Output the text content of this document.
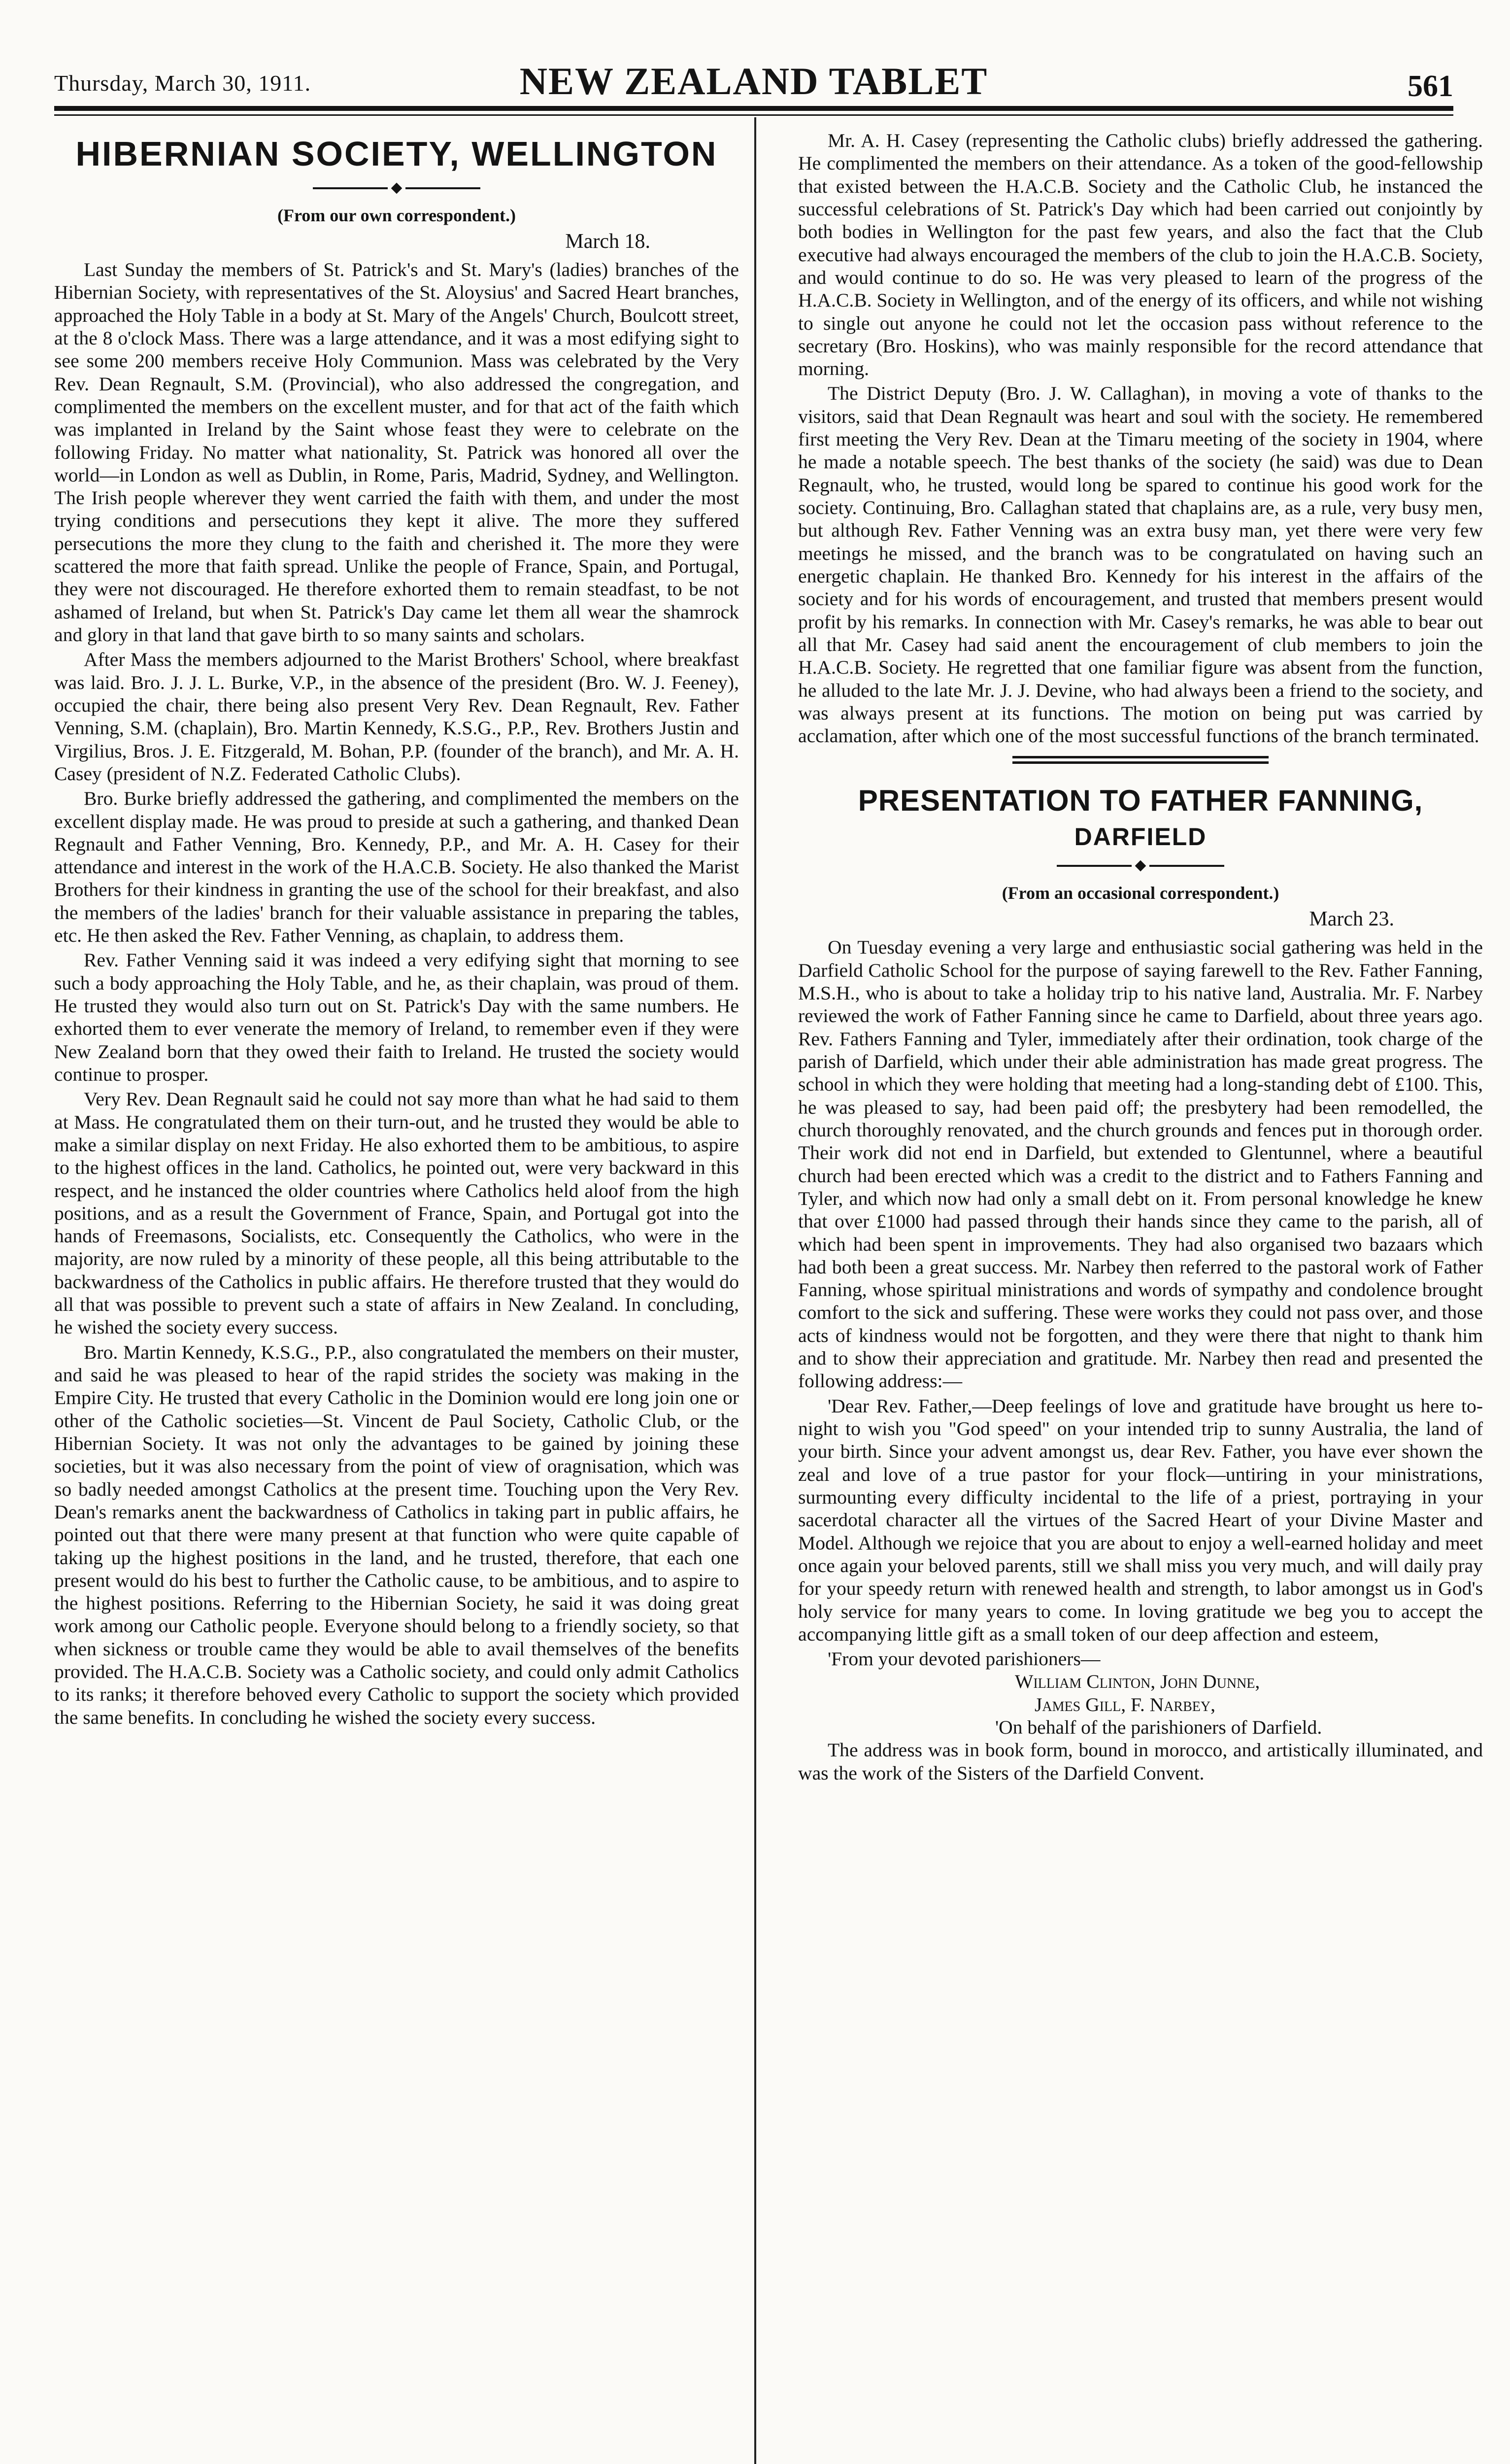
Thursday, March 30, 1911.	NEW ZEALAND TABLET	561
HIBERNIAN SOCIETY, WELLINGTON
(From our own correspondent.)
March 18.

Last Sunday the members of St. Patrick's and St. Mary's (ladies) branches of the Hibernian Society, with representatives of the St. Aloysius' and Sacred Heart branches, approached the Holy Table in a body at St. Mary of the Angels' Church, Boulcott street, at the 8 o'clock Mass. There was a large attendance, and it was a most edifying sight to see some 200 members receive Holy Communion. Mass was celebrated by the Very Rev. Dean Regnault, S.M. (Provincial), who also addressed the congregation, and complimented the members on the excellent muster, and for that act of the faith which was implanted in Ireland by the Saint whose feast they were to celebrate on the following Friday. No matter what nationality, St. Patrick was honored all over the world—in London as well as Dublin, in Rome, Paris, Madrid, Sydney, and Wellington. The Irish people wherever they went carried the faith with them, and under the most trying conditions and persecutions they kept it alive. The more they suffered persecutions the more they clung to the faith and cherished it. The more they were scattered the more that faith spread. Unlike the people of France, Spain, and Portugal, they were not discouraged. He therefore exhorted them to remain steadfast, to be not ashamed of Ireland, but when St. Patrick's Day came let them all wear the shamrock and glory in that land that gave birth to so many saints and scholars.

After Mass the members adjourned to the Marist Brothers' School, where breakfast was laid. Bro. J. J. L. Burke, V.P., in the absence of the president (Bro. W. J. Feeney), occupied the chair, there being also present Very Rev. Dean Regnault, Rev. Father Venning, S.M. (chaplain), Bro. Martin Kennedy, K.S.G., P.P., Rev. Brothers Justin and Virgilius, Bros. J. E. Fitzgerald, M. Bohan, P.P. (founder of the branch), and Mr. A. H. Casey (president of N.Z. Federated Catholic Clubs).

Bro. Burke briefly addressed the gathering, and complimented the members on the excellent display made. He was proud to preside at such a gathering, and thanked Dean Regnault and Father Venning, Bro. Kennedy, P.P., and Mr. A. H. Casey for their attendance and interest in the work of the H.A.C.B. Society. He also thanked the Marist Brothers for their kindness in granting the use of the school for their breakfast, and also the members of the ladies' branch for their valuable assistance in preparing the tables, etc. He then asked the Rev. Father Venning, as chaplain, to address them.

Rev. Father Venning said it was indeed a very edifying sight that morning to see such a body approaching the Holy Table, and he, as their chaplain, was proud of them. He trusted they would also turn out on St. Patrick's Day with the same numbers. He exhorted them to ever venerate the memory of Ireland, to remember even if they were New Zealand born that they owed their faith to Ireland. He trusted the society would continue to prosper.

Very Rev. Dean Regnault said he could not say more than what he had said to them at Mass. He congratulated them on their turn-out, and he trusted they would be able to make a similar display on next Friday. He also exhorted them to be ambitious, to aspire to the highest offices in the land. Catholics, he pointed out, were very backward in this respect, and he instanced the older countries where Catholics held aloof from the high positions, and as a result the Government of France, Spain, and Portugal got into the hands of Freemasons, Socialists, etc. Consequently the Catholics, who were in the majority, are now ruled by a minority of these people, all this being attributable to the backwardness of the Catholics in public affairs. He therefore trusted that they would do all that was possible to prevent such a state of affairs in New Zealand. In concluding, he wished the society every success.

Bro. Martin Kennedy, K.S.G., P.P., also congratulated the members on their muster, and said he was pleased to hear of the rapid strides the society was making in the Empire City. He trusted that every Catholic in the Dominion would ere long join one or other of the Catholic societies—St. Vincent de Paul Society, Catholic Club, or the Hibernian Society. It was not only the advantages to be gained by joining these societies, but it was also necessary from the point of view of oragnisation, which was so badly needed amongst Catholics at the present time. Touching upon the Very Rev. Dean's remarks anent the backwardness of Catholics in taking part in public affairs, he pointed out that there were many present at that function who were quite capable of taking up the highest positions in the land, and he trusted, therefore, that each one present would do his best to further the Catholic cause, to be ambitious, and to aspire to the highest positions. Referring to the Hibernian Society, he said it was doing great work among our Catholic people. Everyone should belong to a friendly society, so that when sickness or trouble came they would be able to avail themselves of the benefits provided. The H.A.C.B. Society was a Catholic society, and could only admit Catholics to its ranks; it therefore behoved every Catholic to support the society which provided the same benefits. In concluding he wished the society every success.

Mr. A. H. Casey (representing the Catholic clubs) briefly addressed the gathering. He complimented the members on their attendance. As a token of the good-fellowship that existed between the H.A.C.B. Society and the Catholic Club, he instanced the successful celebrations of St. Patrick's Day which had been carried out conjointly by both bodies in Wellington for the past few years, and also the fact that the Club executive had always encouraged the members of the club to join the H.A.C.B. Society, and would continue to do so. He was very pleased to learn of the progress of the H.A.C.B. Society in Wellington, and of the energy of its officers, and while not wishing to single out anyone he could not let the occasion pass without reference to the secretary (Bro. Hoskins), who was mainly responsible for the record attendance that morning.

The District Deputy (Bro. J. W. Callaghan), in moving a vote of thanks to the visitors, said that Dean Regnault was heart and soul with the society. He remembered first meeting the Very Rev. Dean at the Timaru meeting of the society in 1904, where he made a notable speech. The best thanks of the society (he said) was due to Dean Regnault, who, he trusted, would long be spared to continue his good work for the society. Continuing, Bro. Callaghan stated that chaplains are, as a rule, very busy men, but although Rev. Father Venning was an extra busy man, yet there were very few meetings he missed, and the branch was to be congratulated on having such an energetic chaplain. He thanked Bro. Kennedy for his interest in the affairs of the society and for his words of encouragement, and trusted that members present would profit by his remarks. In connection with Mr. Casey's remarks, he was able to bear out all that Mr. Casey had said anent the encouragement of club members to join the H.A.C.B. Society. He regretted that one familiar figure was absent from the function, he alluded to the late Mr. J. J. Devine, who had always been a friend to the society, and was always present at its functions. The motion on being put was carried by acclamation, after which one of the most successful functions of the branch terminated.

PRESENTATION TO FATHER FANNING,
DARFIELD
(From an occasional correspondent.)
March 23.

On Tuesday evening a very large and enthusiastic social gathering was held in the Darfield Catholic School for the purpose of saying farewell to the Rev. Father Fanning, M.S.H., who is about to take a holiday trip to his native land, Australia. Mr. F. Narbey reviewed the work of Father Fanning since he came to Darfield, about three years ago. Rev. Fathers Fanning and Tyler, immediately after their ordination, took charge of the parish of Darfield, which under their able administration has made great progress. The school in which they were holding that meeting had a long-standing debt of £100. This, he was pleased to say, had been paid off; the presbytery had been remodelled, the church thoroughly renovated, and the church grounds and fences put in thorough order. Their work did not end in Darfield, but extended to Glentunnel, where a beautiful church had been erected which was a credit to the district and to Fathers Fanning and Tyler, and which now had only a small debt on it. From personal knowledge he knew that over £1000 had passed through their hands since they came to the parish, all of which had been spent in improvements. They had also organised two bazaars which had both been a great success. Mr. Narbey then referred to the pastoral work of Father Fanning, whose spiritual ministrations and words of sympathy and condolence brought comfort to the sick and suffering. These were works they could not pass over, and those acts of kindness would not be forgotten, and they were there that night to thank him and to show their appreciation and gratitude. Mr. Narbey then read and presented the following address:—

'Dear Rev. Father,—Deep feelings of love and gratitude have brought us here to-night to wish you "God speed" on your intended trip to sunny Australia, the land of your birth. Since your advent amongst us, dear Rev. Father, you have ever shown the zeal and love of a true pastor for your flock—untiring in your ministrations, surmounting every difficulty incidental to the life of a priest, portraying in your sacerdotal character all the virtues of the Sacred Heart of your Divine Master and Model. Although we rejoice that you are about to enjoy a well-earned holiday and meet once again your beloved parents, still we shall miss you very much, and will daily pray for your speedy return with renewed health and strength, to labor amongst us in God's holy service for many years to come. In loving gratitude we beg you to accept the accompanying little gift as a small token of our deep affection and esteem,

'From your devoted parishioners—

William Clinton, John Dunne,

James Gill, F. Narbey,

'On behalf of the parishioners of Darfield.

The address was in book form, bound in morocco, and artistically illuminated, and was the work of the Sisters of the Darfield Convent.
